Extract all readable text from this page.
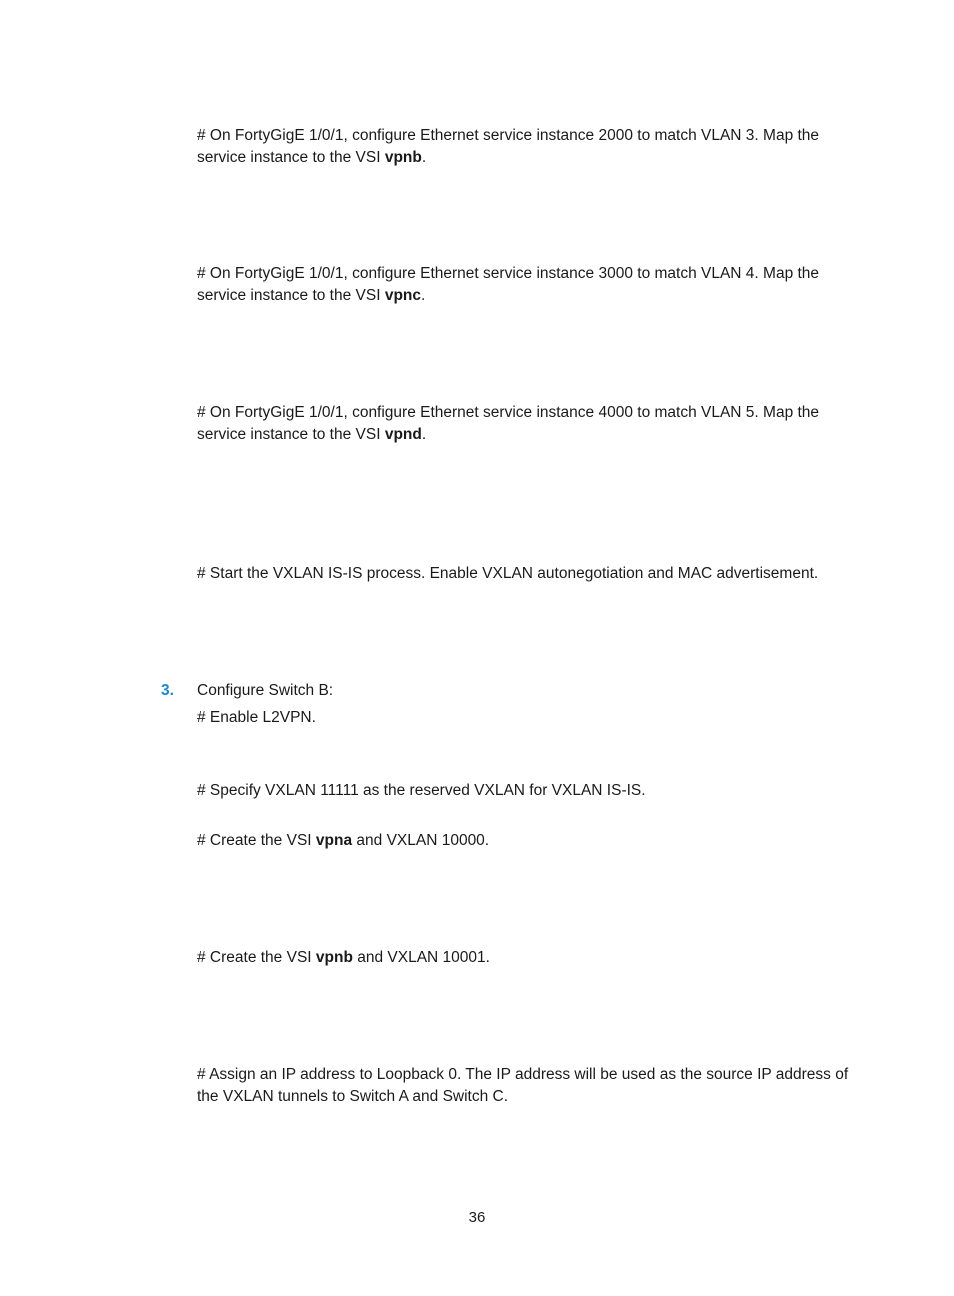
# On FortyGigE 1/0/1, configure Ethernet service instance 2000 to match VLAN 3. Map the service instance to the VSI vpnb.

# On FortyGigE 1/0/1, configure Ethernet service instance 3000 to match VLAN 4. Map the service instance to the VSI vpnc.

# On FortyGigE 1/0/1, configure Ethernet service instance 4000 to match VLAN 5. Map the service instance to the VSI vpnd.

# Start the VXLAN IS-IS process. Enable VXLAN autonegotiation and MAC advertisement.

3. Configure Switch B:

# Enable L2VPN.

# Specify VXLAN 11111 as the reserved VXLAN for VXLAN IS-IS.

# Create the VSI vpna and VXLAN 10000.

# Create the VSI vpnb and VXLAN 10001.

# Assign an IP address to Loopback 0. The IP address will be used as the source IP address of the VXLAN tunnels to Switch A and Switch C.

36
